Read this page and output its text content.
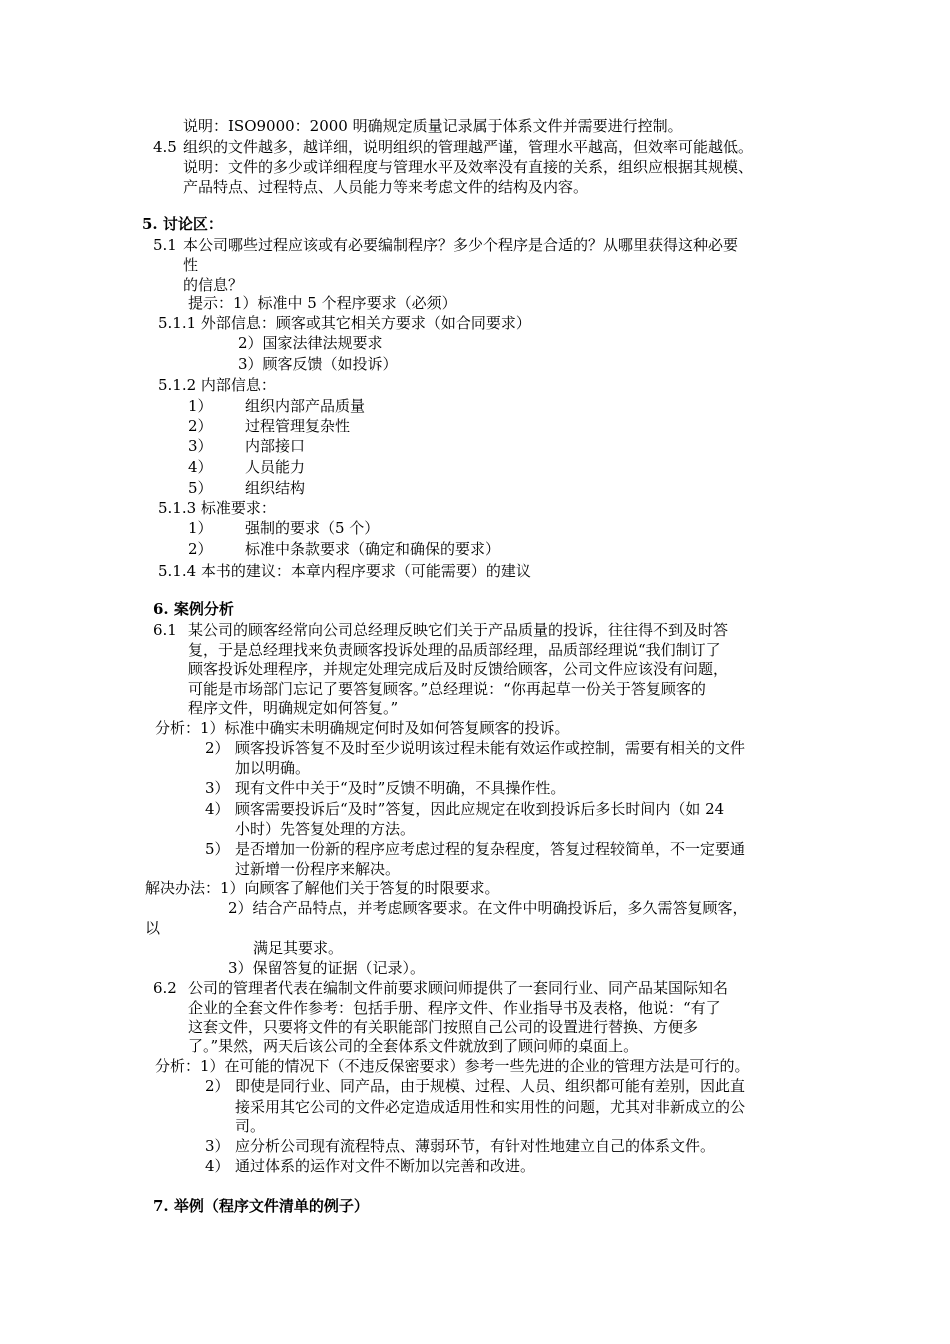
说明：ISO9000：2000 明确规定质量记录属于体系文件并需要进行控制。
4.5 组织的文件越多，越详细，说明组织的管理越严谨，管理水平越高，但效率可能越低。
说明：文件的多少或详细程度与管理水平及效率没有直接的关系，组织应根据其规模、
产品特点、过程特点、人员能力等来考虑文件的结构及内容。
5. 讨论区：
5.1 本公司哪些过程应该或有必要编制程序？多少个程序是合适的？从哪里获得这种必要
性
的信息？
提示：1）标准中 5 个程序要求（必须）
5.1.1 外部信息：顾客或其它相关方要求（如合同要求）
2）国家法律法规要求
3）顾客反馈（如投诉）
5.1.2 内部信息：
1） 组织内部产品质量
2） 过程管理复杂性
3） 内部接口
4） 人员能力
5） 组织结构
5.1.3 标准要求：
1） 强制的要求（5 个）
2） 标准中条款要求（确定和确保的要求）
5.1.4 本书的建议：本章内程序要求（可能需要）的建议
6. 案例分析
6.1 某公司的顾客经常向公司总经理反映它们关于产品质量的投诉，往往得不到及时答
复，于是总经理找来负责顾客投诉处理的品质部经理，品质部经理说“我们制订了
顾客投诉处理程序，并规定处理完成后及时反馈给顾客，公司文件应该没有问题，
可能是市场部门忘记了要答复顾客。”总经理说：“你再起草一份关于答复顾客的
程序文件，明确规定如何答复。”
分析：1）标准中确实未明确规定何时及如何答复顾客的投诉。
2） 顾客投诉答复不及时至少说明该过程未能有效运作或控制，需要有相关的文件
加以明确。
3） 现有文件中关于“及时”反馈不明确，不具操作性。
4） 顾客需要投诉后“及时”答复，因此应规定在收到投诉后多长时间内（如 24
小时）先答复处理的方法。
5） 是否增加一份新的程序应考虑过程的复杂程度，答复过程较简单，不一定要通
过新增一份程序来解决。
解决办法：1）向顾客了解他们关于答复的时限要求。
2）结合产品特点，并考虑顾客要求。在文件中明确投诉后，多久需答复顾客，
以
满足其要求。
3）保留答复的证据（记录）。
6.2 公司的管理者代表在编制文件前要求顾问师提供了一套同行业、同产品某国际知名
企业的全套文件作参考：包括手册、程序文件、作业指导书及表格，他说：“有了
这套文件，只要将文件的有关职能部门按照自己公司的设置进行替换、方便多
了。”果然，两天后该公司的全套体系文件就放到了顾问师的桌面上。
分析：1）在可能的情况下（不违反保密要求）参考一些先进的企业的管理方法是可行的。
2） 即使是同行业、同产品，由于规模、过程、人员、组织都可能有差别，因此直
接采用其它公司的文件必定造成适用性和实用性的问题，尤其对非新成立的公
司。
3） 应分析公司现有流程特点、薄弱环节，有针对性地建立自己的体系文件。
4） 通过体系的运作对文件不断加以完善和改进。
7. 举例（程序文件清单的例子）
